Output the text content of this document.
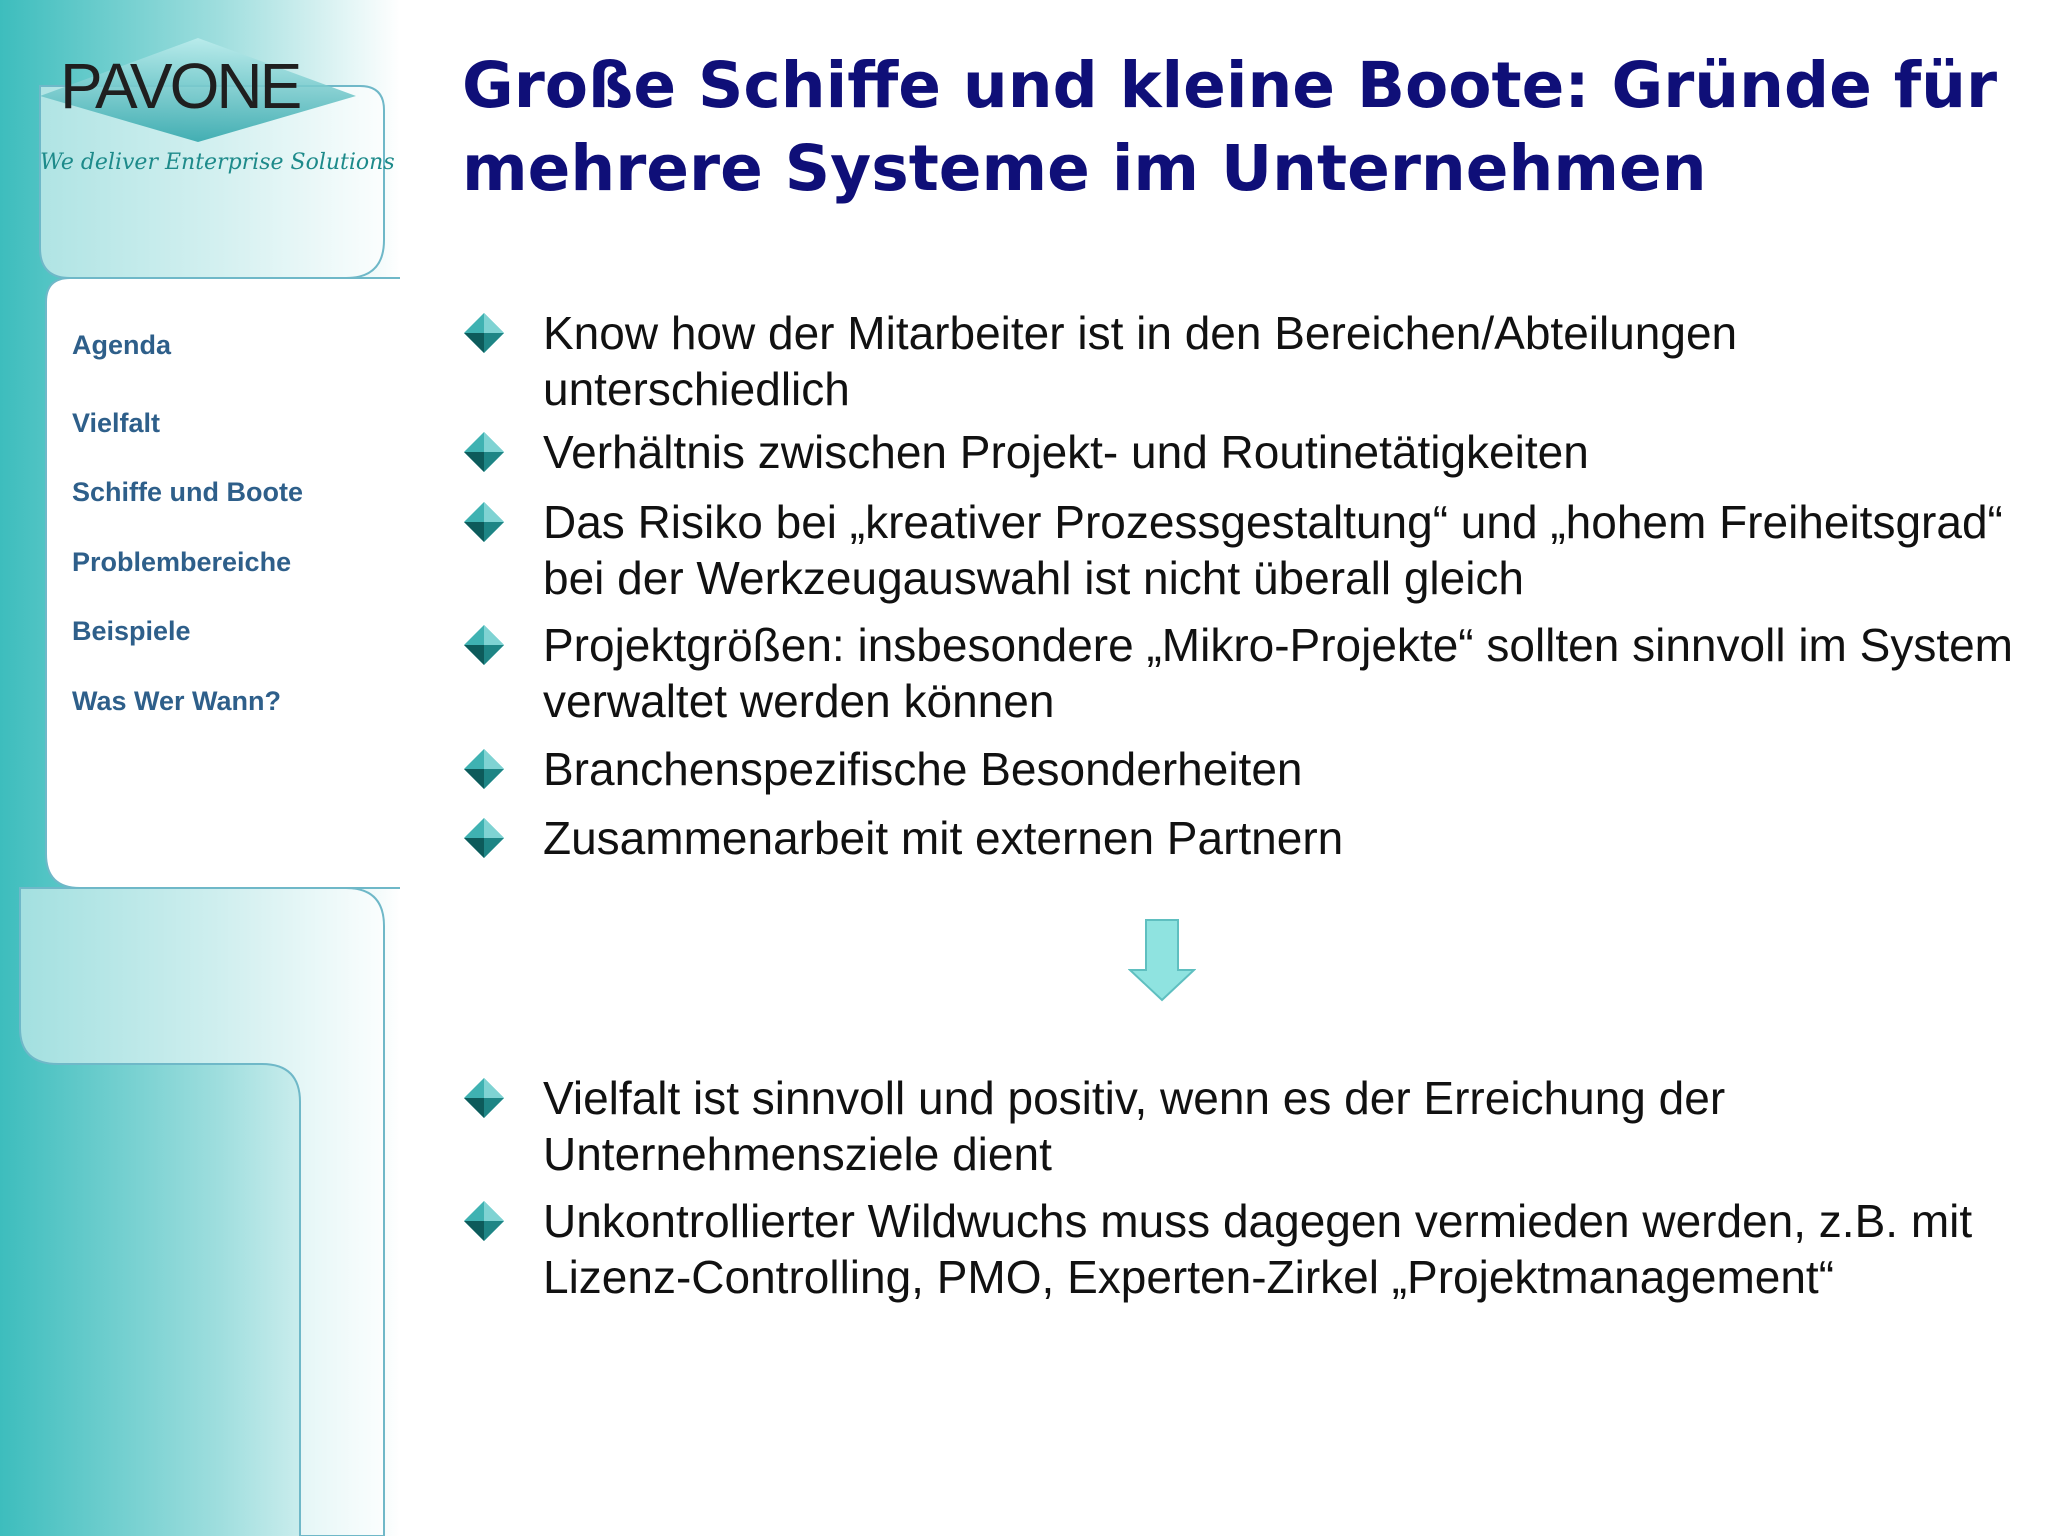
PAVONE
We deliver Enterprise Solutions
Agenda
Vielfalt
Schiffe und Boote
Problembereiche
Beispiele
Was Wer Wann?
Große Schiffe und kleine Boote: Gründe für mehrere Systeme im Unternehmen
Know how der Mitarbeiter ist in den Bereichen/Abteilungen unterschiedlich
Verhältnis zwischen Projekt- und Routinetätigkeiten
Das Risiko bei „kreativer Prozessgestaltung“ und „hohem Freiheitsgrad“ bei der Werkzeugauswahl ist nicht überall gleich
Projektgrößen: insbesondere „Mikro-Projekte“ sollten sinnvoll im System verwaltet werden können
Branchenspezifische Besonderheiten
Zusammenarbeit mit externen Partnern
Vielfalt ist sinnvoll und positiv, wenn es der Erreichung der Unternehmensziele dient
Unkontrollierter Wildwuchs muss dagegen vermieden werden, z.B. mit Lizenz-Controlling, PMO, Experten-Zirkel „Projektmanagement“
